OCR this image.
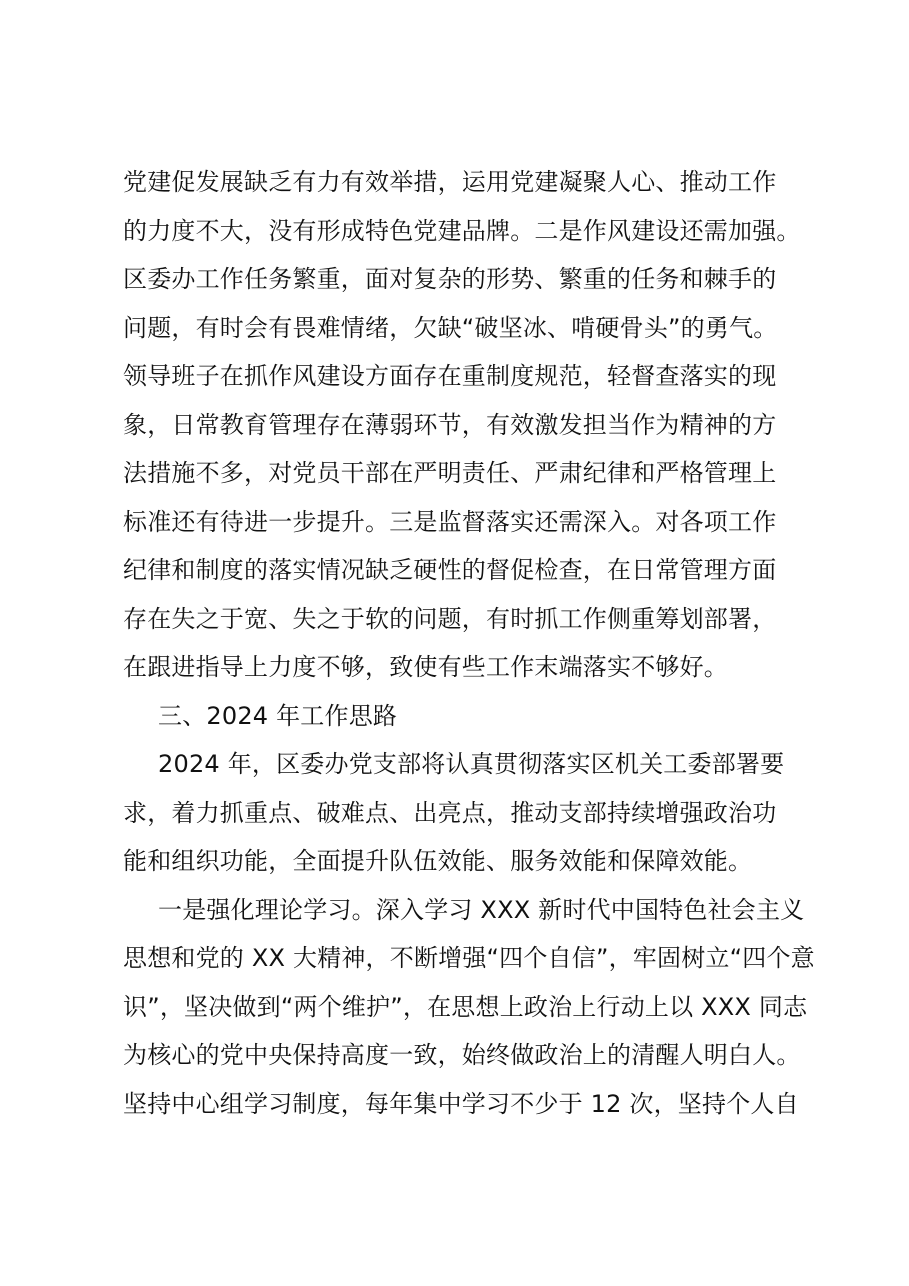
党建促发展缺乏有力有效举措，运用党建凝聚人心、推动工作
的力度不大，没有形成特色党建品牌。二是作风建设还需加强。
区委办工作任务繁重，面对复杂的形势、繁重的任务和棘手的
问题，有时会有畏难情绪，欠缺“破坚冰、啃硬骨头”的勇气。
领导班子在抓作风建设方面存在重制度规范，轻督查落实的现
象，日常教育管理存在薄弱环节，有效激发担当作为精神的方
法措施不多，对党员干部在严明责任、严肃纪律和严格管理上
标准还有待进一步提升。三是监督落实还需深入。对各项工作
纪律和制度的落实情况缺乏硬性的督促检查，在日常管理方面
存在失之于宽、失之于软的问题，有时抓工作侧重筹划部署，
在跟进指导上力度不够，致使有些工作末端落实不够好。
三、2024 年工作思路
2024 年，区委办党支部将认真贯彻落实区机关工委部署要
求，着力抓重点、破难点、出亮点，推动支部持续增强政治功
能和组织功能，全面提升队伍效能、服务效能和保障效能。
一是强化理论学习。深入学习 XXX 新时代中国特色社会主义
思想和党的 XX 大精神，不断增强“四个自信”，牢固树立“四个意
识”，坚决做到“两个维护”，在思想上政治上行动上以 XXX 同志
为核心的党中央保持高度一致，始终做政治上的清醒人明白人。
坚持中心组学习制度，每年集中学习不少于 12 次，坚持个人自
